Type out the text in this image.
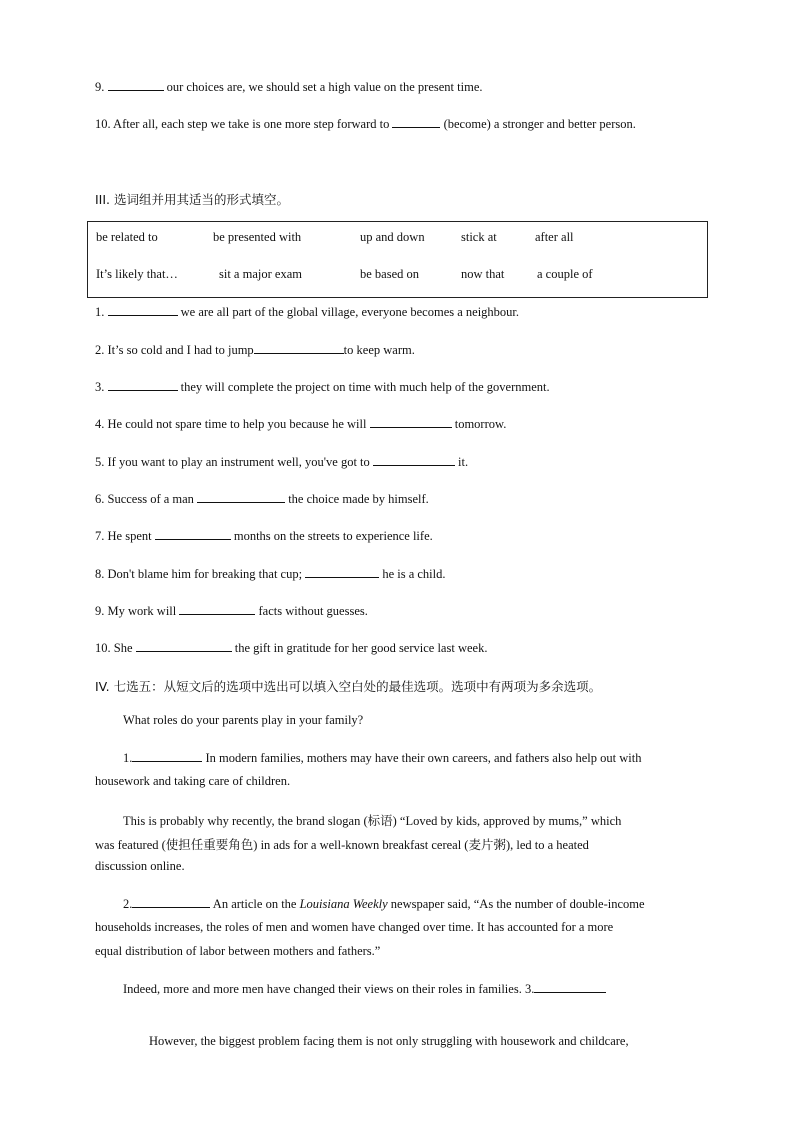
9.	our choices are, we should set a high value on the present time.
10. After all, each step we take is one more step forward to	(become) a stronger and better person.
III. 选词组并用其适当的形式填空。
be related to	be presented with	up and down	stick at	after all
It’s likely that…	sit a major exam	be based on	now that	a couple of
1.	we are all part of the global village, everyone becomes a neighbour.
2. It’s so cold and I had to jump	to keep warm.
3.	they will complete the project on time with much help of the government.
4. He could not spare time to help you because he will	tomorrow.
5. If you want to play an instrument well, you've got to	it.
6. Success of a man	the choice made by himself.
7. He spent	months on the streets to experience life.
8. Don't blame him for breaking that cup;	he is a child.
9. My work will	facts without guesses.
10. She	the gift in gratitude for her good service last week.
IV. 七选五：从短文后的选项中选出可以填入空白处的最佳选项。选项中有两项为多余选项。
What roles do your parents play in your family?
1.	In modern families, mothers may have their own careers, and fathers also help out with
housework and taking care of children.
This is probably why recently, the brand slogan (标语) “Loved by kids, approved by mums,” which
was featured (使担任重要角色) in ads for a well-known breakfast cereal (麦片粥), led to a heated
discussion online.
2.	An article on the Louisiana Weekly newspaper said, “As the number of double-income
households increases, the roles of men and women have changed over time. It has accounted for a more
equal distribution of labor between mothers and fathers.”
Indeed, more and more men have changed their views on their roles in families. 3.
However, the biggest problem facing them is not only struggling with housework and childcare,
